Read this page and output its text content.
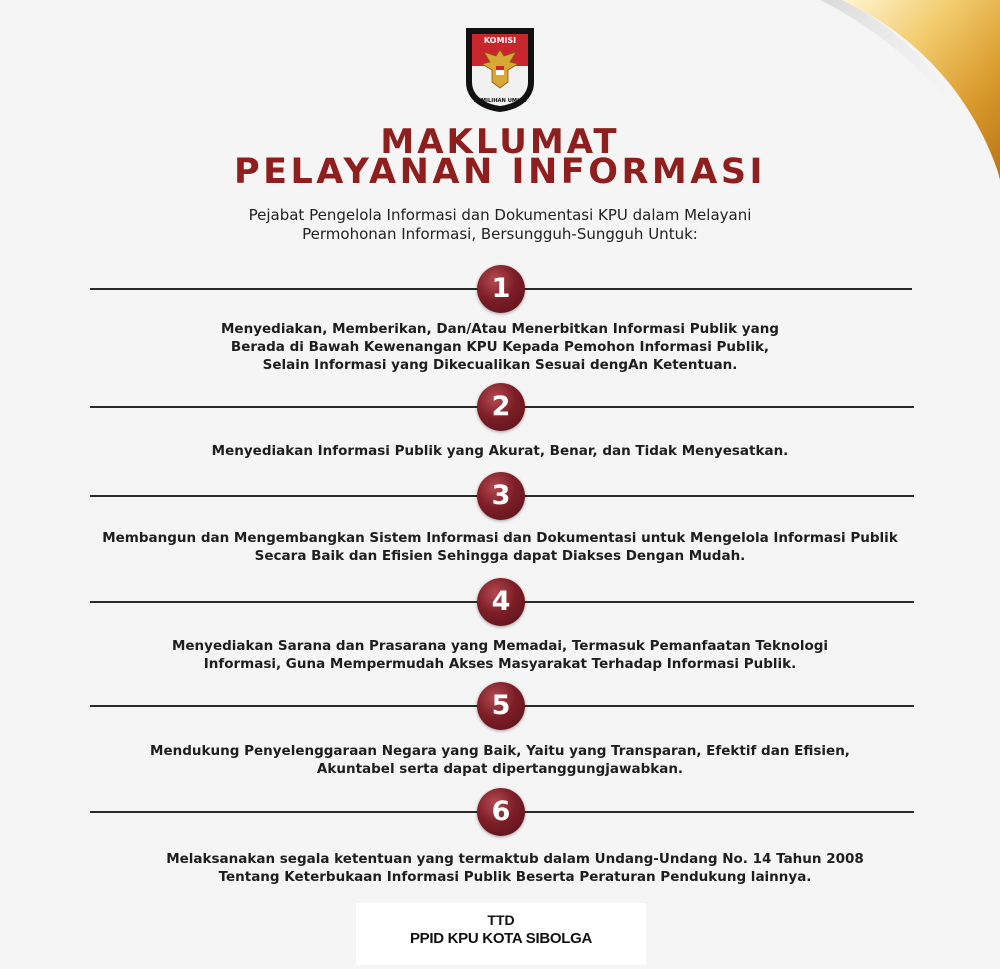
KOMISI
PEMILIHAN UMUM
MAKLUMAT
PELAYANAN INFORMASI
Pejabat Pengelola Informasi dan Dokumentasi KPU dalam Melayani
Permohonan Informasi, Bersungguh-Sungguh Untuk:
1
Menyediakan, Memberikan, Dan/Atau Menerbitkan Informasi Publik yang
Berada di Bawah Kewenangan KPU Kepada Pemohon Informasi Publik,
Selain Informasi yang Dikecualikan Sesuai dengAn Ketentuan.
2
Menyediakan Informasi Publik yang Akurat, Benar, dan Tidak Menyesatkan.
3
Membangun dan Mengembangkan Sistem Informasi dan Dokumentasi untuk Mengelola Informasi Publik
Secara Baik dan Efisien Sehingga dapat Diakses Dengan Mudah.
4
Menyediakan Sarana dan Prasarana yang Memadai, Termasuk Pemanfaatan Teknologi
Informasi, Guna Mempermudah Akses Masyarakat Terhadap Informasi Publik.
5
Mendukung Penyelenggaraan Negara yang Baik, Yaitu yang Transparan, Efektif dan Efisien,
Akuntabel serta dapat dipertanggungjawabkan.
6
Melaksanakan segala ketentuan yang termaktub dalam Undang-Undang No. 14 Tahun 2008
Tentang Keterbukaan Informasi Publik Beserta Peraturan Pendukung lainnya.
TTD
PPID KPU KOTA SIBOLGA
